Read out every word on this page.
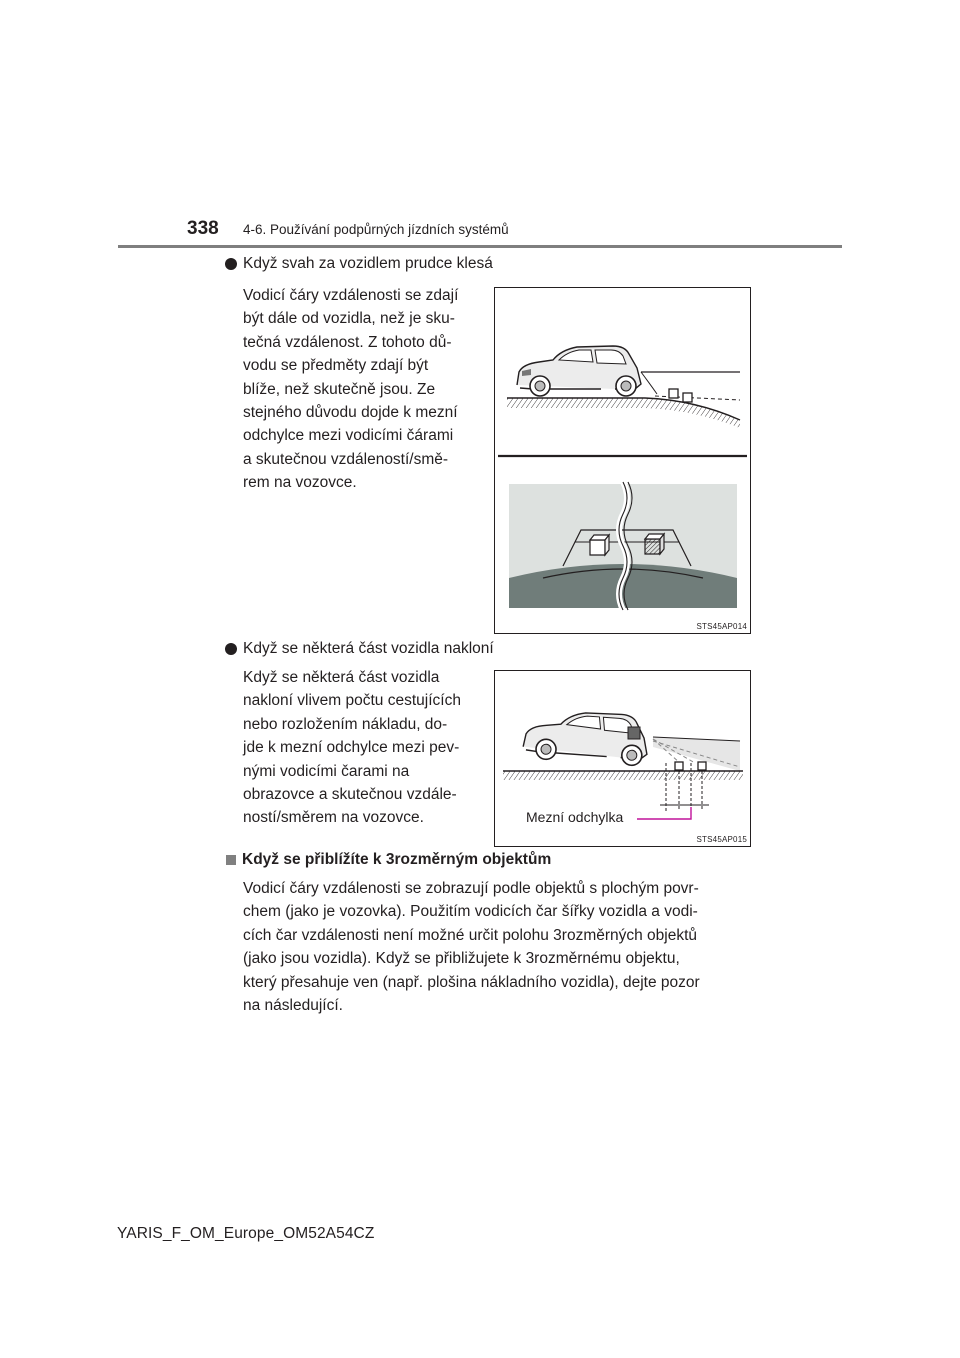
338 4-6. Používání podpůrných jízdních systémů
Když svah za vozidlem prudce klesá
Vodicí čáry vzdálenosti se zdají
být dále od vozidla, než je sku-
tečná vzdálenost. Z tohoto dů-
vodu se předměty zdají být
blíže, než skutečně jsou. Ze
stejného důvodu dojde k mezní
odchylce mezi vodicími čárami
a skutečnou vzdáleností/smě-
rem na vozovce.
STS45AP014
Když se některá část vozidla nakloní
Když se některá část vozidla
nakloní vlivem počtu cestujících
nebo rozložením nákladu, do-
jde k mezní odchylce mezi pev-
nými vodicími čarami na
obrazovce a skutečnou vzdále-
ností/směrem na vozovce.	Mezní odchylka
STS45AP015
Když se přiblížíte k 3rozměrným objektům
Vodicí čáry vzdálenosti se zobrazují podle objektů s plochým povr-
chem (jako je vozovka). Použitím vodicích čar šířky vozidla a vodi-
cích čar vzdálenosti není možné určit polohu 3rozměrných objektů
(jako jsou vozidla). Když se přibližujete k 3rozměrnému objektu,
který přesahuje ven (např. plošina nákladního vozidla), dejte pozor
na následující.
YARIS_F_OM_Europe_OM52A54CZ
